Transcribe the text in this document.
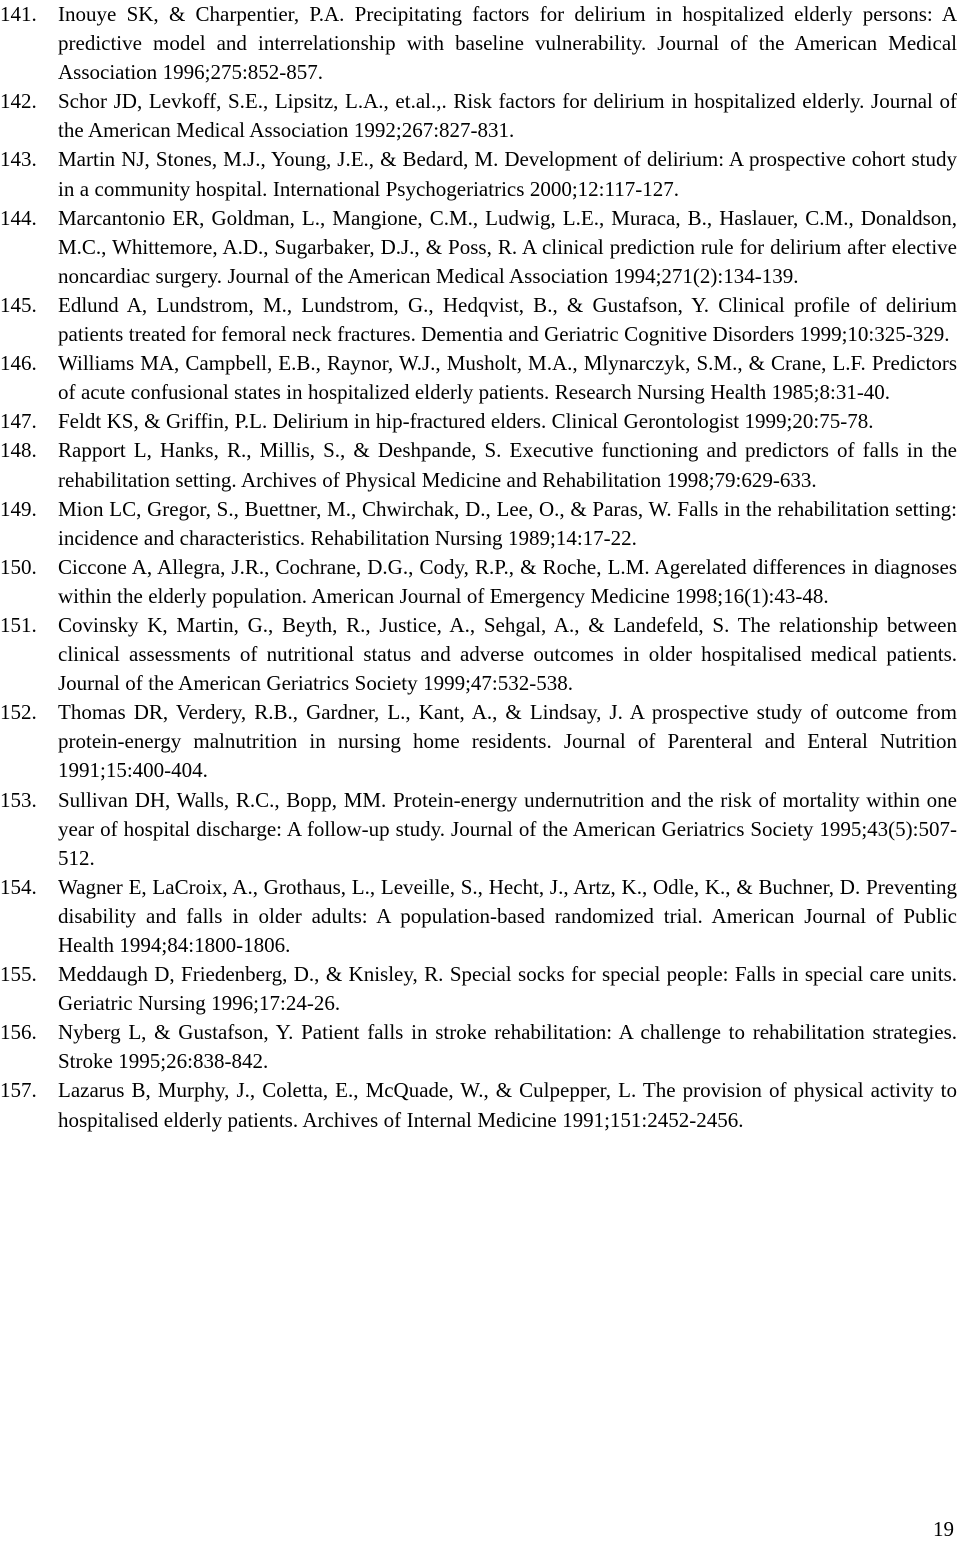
141.	Inouye SK, & Charpentier, P.A. Precipitating factors for delirium in hospitalized elderly persons: A predictive model and interrelationship with baseline vulnerability. Journal of the American Medical Association 1996;275:852-857.
142.	Schor JD, Levkoff, S.E., Lipsitz, L.A., et.al.,. Risk factors for delirium in hospitalized elderly. Journal of the American Medical Association 1992;267:827-831.
143.	Martin NJ, Stones, M.J., Young, J.E., & Bedard, M. Development of delirium: A prospective cohort study in a community hospital. International Psychogeriatrics 2000;12:117-127.
144.	Marcantonio ER, Goldman, L., Mangione, C.M., Ludwig, L.E., Muraca, B., Haslauer, C.M., Donaldson, M.C., Whittemore, A.D., Sugarbaker, D.J., & Poss, R. A clinical prediction rule for delirium after elective noncardiac surgery. Journal of the American Medical Association 1994;271(2):134-139.
145.	Edlund A, Lundstrom, M., Lundstrom, G., Hedqvist, B., & Gustafson, Y. Clinical profile of delirium patients treated for femoral neck fractures. Dementia and Geriatric Cognitive Disorders 1999;10:325-329.
146.	Williams MA, Campbell, E.B., Raynor, W.J., Musholt, M.A., Mlynarczyk, S.M., & Crane, L.F. Predictors of acute confusional states in hospitalized elderly patients. Research Nursing Health 1985;8:31-40.
147.	Feldt KS, & Griffin, P.L. Delirium in hip-fractured elders. Clinical Gerontologist 1999;20:75-78.
148.	Rapport L, Hanks, R., Millis, S., & Deshpande, S. Executive functioning and predictors of falls in the rehabilitation setting. Archives of Physical Medicine and Rehabilitation 1998;79:629-633.
149.	Mion LC, Gregor, S., Buettner, M., Chwirchak, D., Lee, O., & Paras, W. Falls in the rehabilitation setting: incidence and characteristics. Rehabilitation Nursing 1989;14:17-22.
150.	Ciccone A, Allegra, J.R., Cochrane, D.G., Cody, R.P., & Roche, L.M. Agerelated differences in diagnoses within the elderly population. American Journal of Emergency Medicine 1998;16(1):43-48.
151.	Covinsky K, Martin, G., Beyth, R., Justice, A., Sehgal, A., & Landefeld, S. The relationship between clinical assessments of nutritional status and adverse outcomes in older hospitalised medical patients. Journal of the American Geriatrics Society 1999;47:532-538.
152.	Thomas DR, Verdery, R.B., Gardner, L., Kant, A., & Lindsay, J. A prospective study of outcome from protein-energy malnutrition in nursing home residents. Journal of Parenteral and Enteral Nutrition 1991;15:400-404.
153.	Sullivan DH, Walls, R.C., Bopp, MM. Protein-energy undernutrition and the risk of mortality within one year of hospital discharge: A follow-up study. Journal of the American Geriatrics Society 1995;43(5):507-512.
154.	Wagner E, LaCroix, A., Grothaus, L., Leveille, S., Hecht, J., Artz, K., Odle, K., & Buchner, D. Preventing disability and falls in older adults: A population-based randomized trial. American Journal of Public Health 1994;84:1800-1806.
155.	Meddaugh D, Friedenberg, D., & Knisley, R. Special socks for special people: Falls in special care units. Geriatric Nursing 1996;17:24-26.
156.	Nyberg L, & Gustafson, Y. Patient falls in stroke rehabilitation: A challenge to rehabilitation strategies. Stroke 1995;26:838-842.
157.	Lazarus B, Murphy, J., Coletta, E., McQuade, W., & Culpepper, L. The provision of physical activity to hospitalised elderly patients. Archives of Internal Medicine 1991;151:2452-2456.
19
